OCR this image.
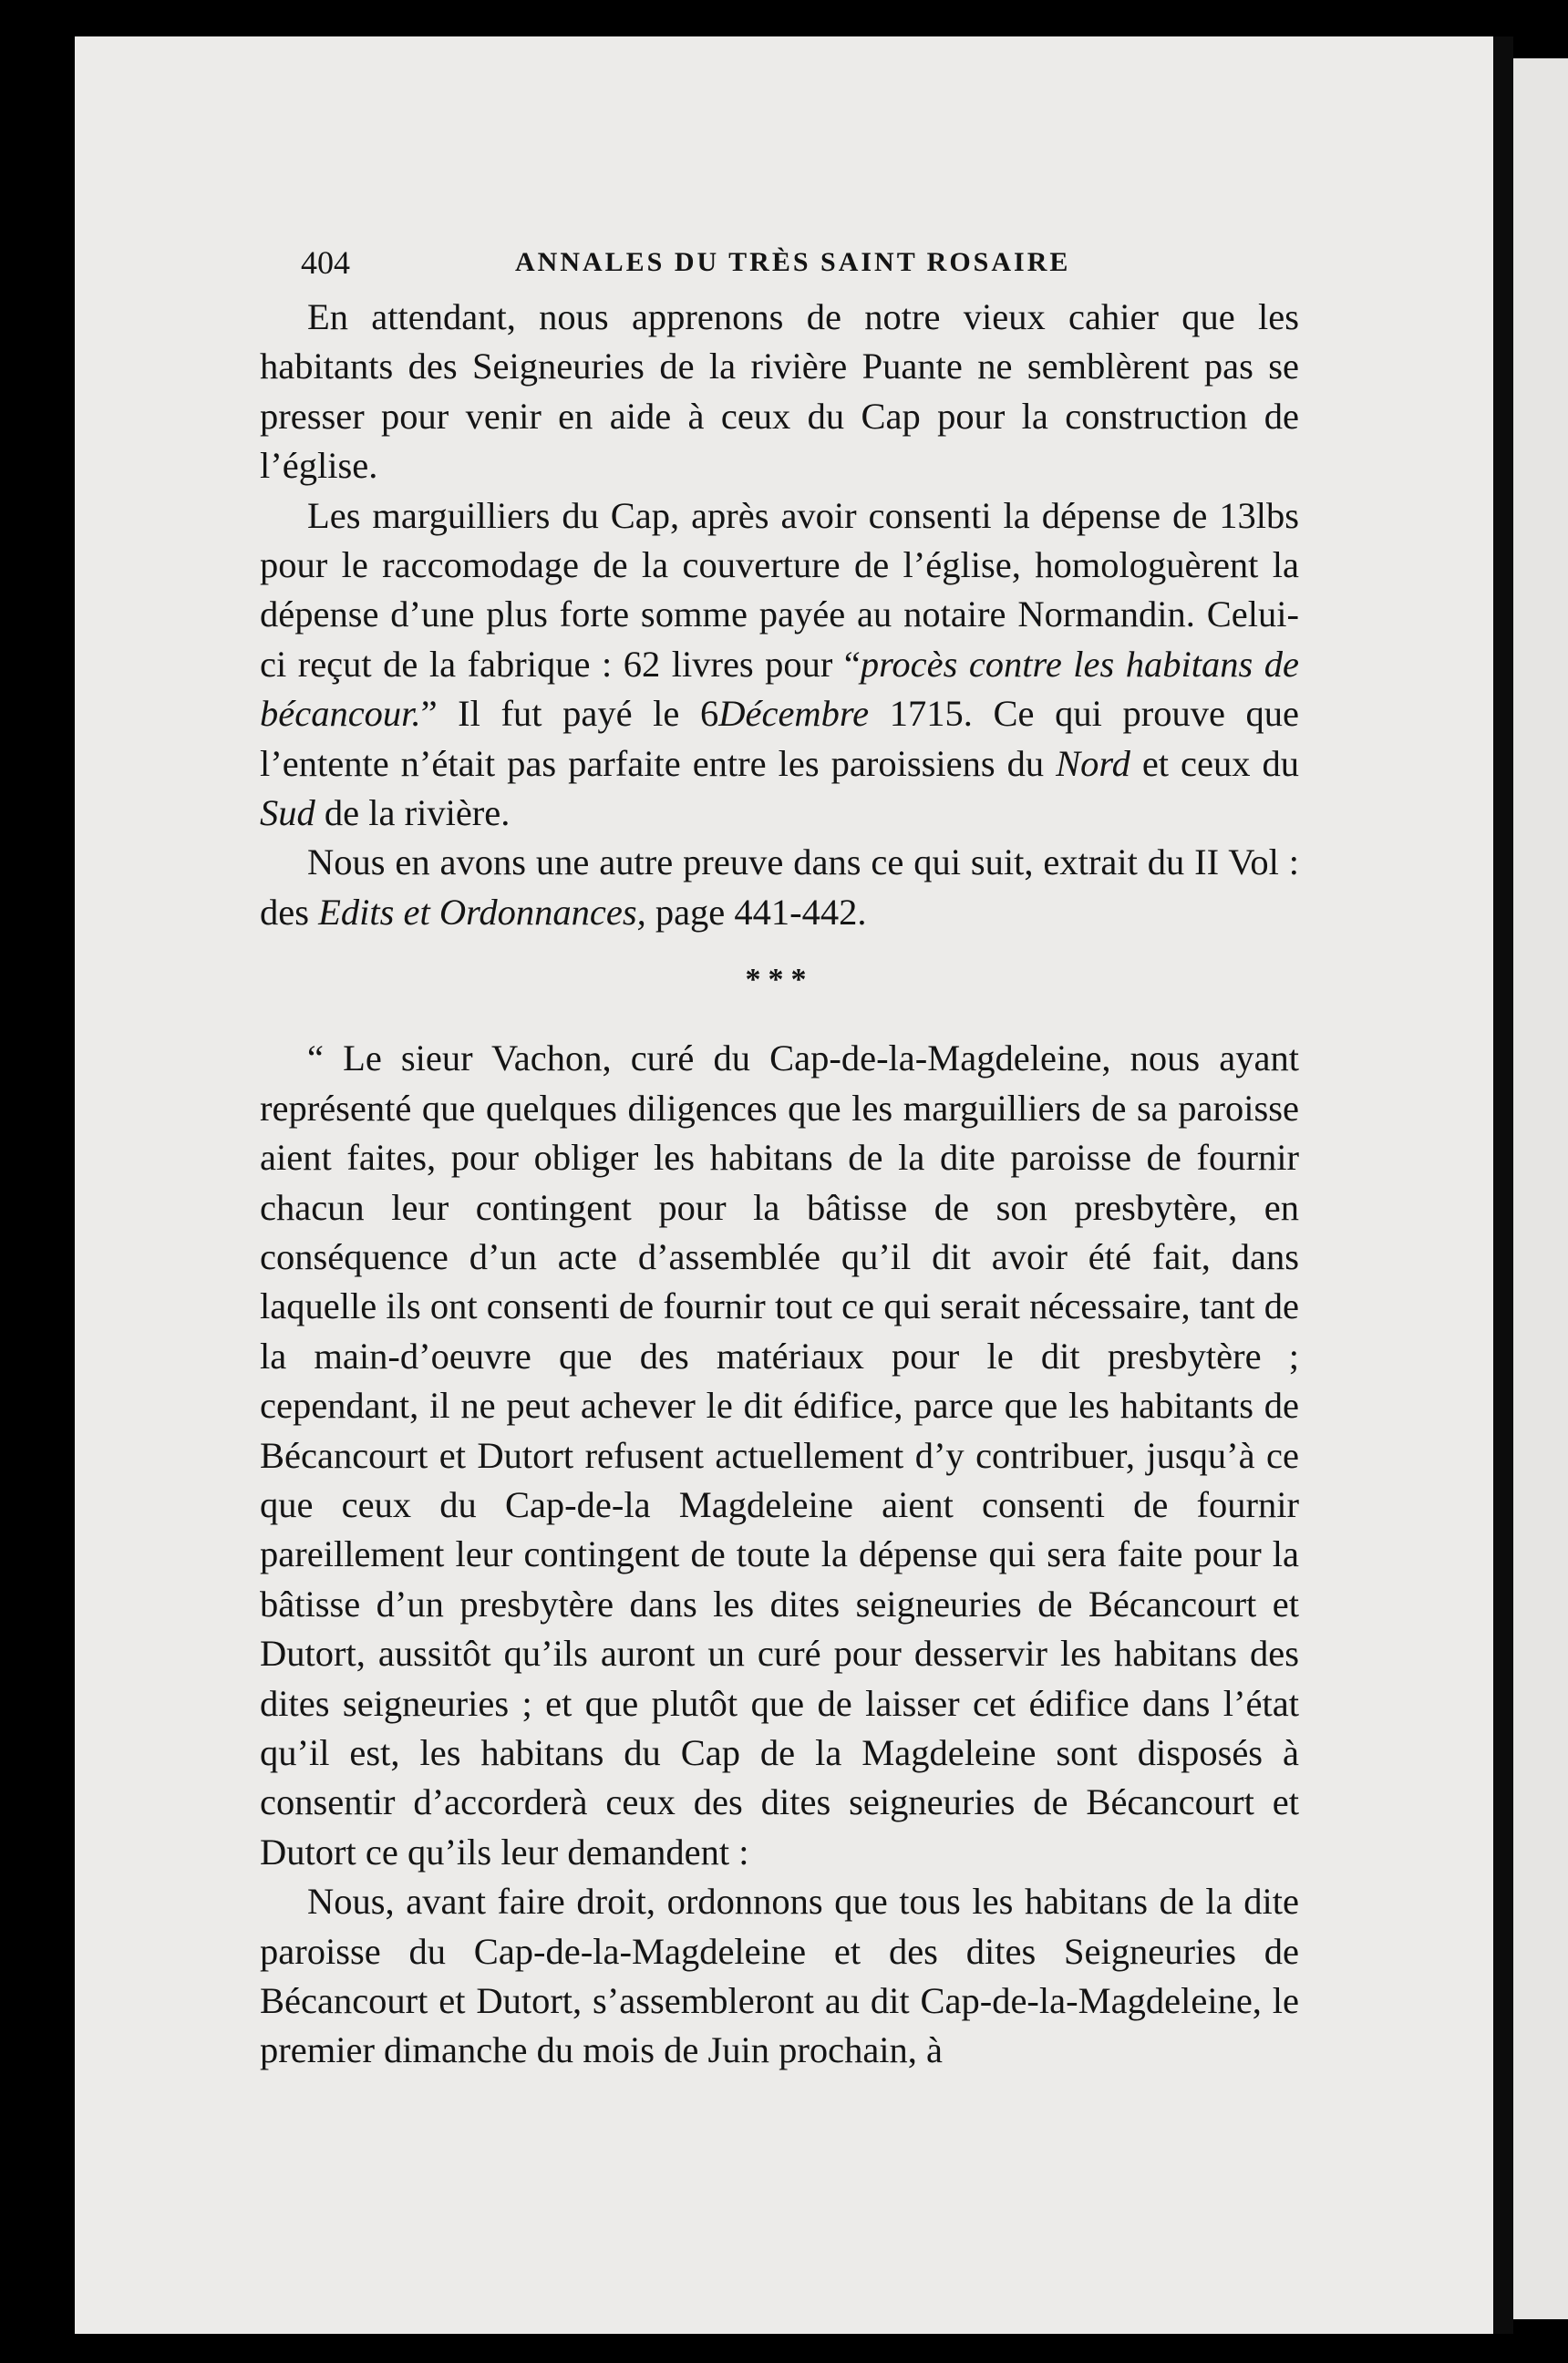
404	ANNALES DU TRÈS SAINT ROSAIRE

En attendant, nous apprenons de notre vieux cahier que les habitants des Seigneuries de la rivière Puante ne semblèrent pas se presser pour venir en aide à ceux du Cap pour la construction de l’église.

Les marguilliers du Cap, après avoir consenti la dépense de 13lbs pour le raccomodage de la couverture de l’église, homologuèrent la dépense d’une plus forte somme payée au notaire Normandin. Celui-ci reçut de la fabrique : 62 livres pour “procès contre les habitans de bécancour.” Il fut payé le 6Décembre 1715. Ce qui prouve que l’entente n’était pas parfaite entre les paroissiens du Nord et ceux du Sud de la rivière.

Nous en avons une autre preuve dans ce qui suit, extrait du II Vol : des Edits et Ordonnances, page 441-442.

***

“ Le sieur Vachon, curé du Cap-de-la-Magdeleine, nous ayant représenté que quelques diligences que les marguilliers de sa paroisse aient faites, pour obliger les habitans de la dite paroisse de fournir chacun leur contingent pour la bâtisse de son presbytère, en conséquence d’un acte d’assemblée qu’il dit avoir été fait, dans laquelle ils ont consenti de fournir tout ce qui serait nécessaire, tant de la main-d’oeuvre que des matériaux pour le dit presbytère ; cependant, il ne peut achever le dit édifice, parce que les habitants de Bécancourt et Dutort refusent actuellement d’y contribuer, jusqu’à ce que ceux du Cap-de-la Magdeleine aient consenti de fournir pareillement leur contingent de toute la dépense qui sera faite pour la bâtisse d’un presbytère dans les dites seigneuries de Bécancourt et Dutort, aussitôt qu’ils auront un curé pour desservir les habitans des dites seigneuries ; et que plutôt que de laisser cet édifice dans l’état qu’il est, les habitans du Cap de la Magdeleine sont disposés à consentir d’accorderà ceux des dites seigneuries de Bécancourt et Dutort ce qu’ils leur demandent :

Nous, avant faire droit, ordonnons que tous les habitans de la dite paroisse du Cap-de-la-Magdeleine et des dites Seigneuries de Bécancourt et Dutort, s’assembleront au dit Cap-de-la-Magdeleine, le premier dimanche du mois de Juin prochain, à
